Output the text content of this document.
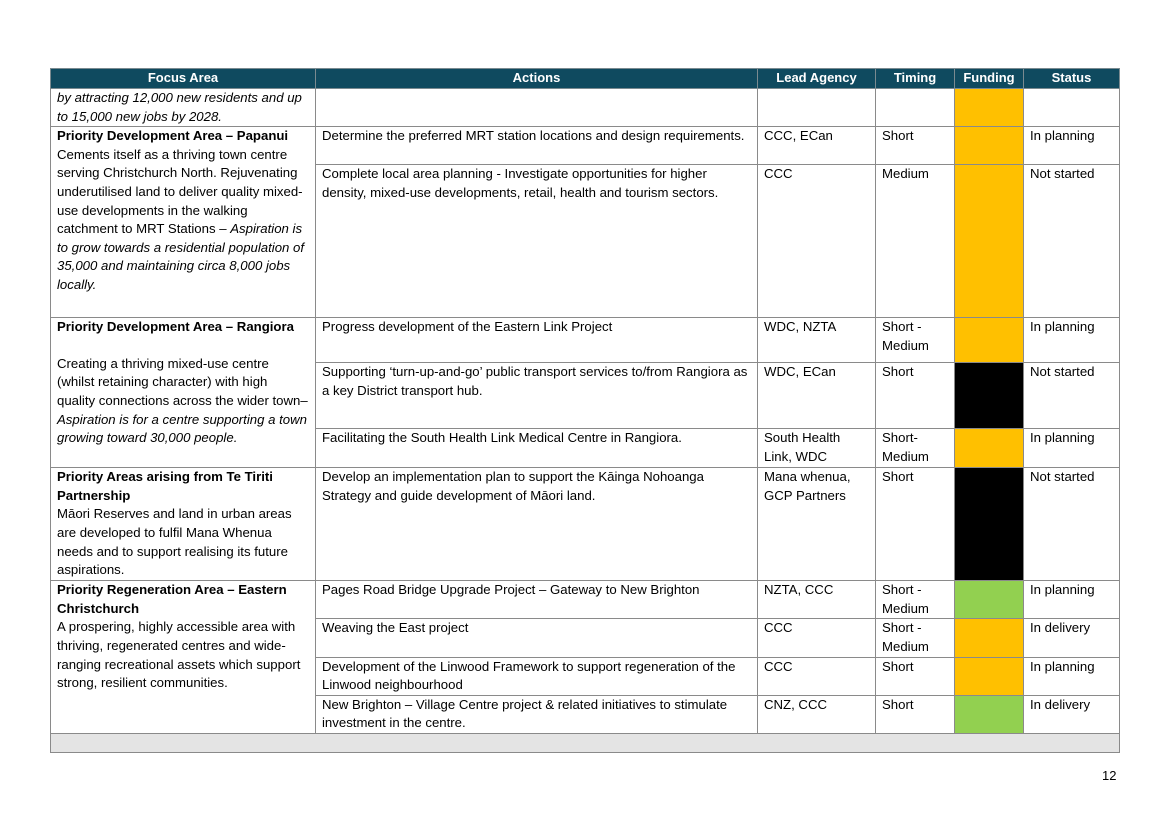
Focus Area	Actions	Lead Agency	Timing	Funding	Status
by attracting 12,000 new residents and up to 15,000 new jobs by 2028.					

Priority Development Area – Papanui
Cements itself as a thriving town centre serving Christchurch North. Rejuvenating underutilised land to deliver quality mixed-use developments in the walking catchment to MRT Stations – Aspiration is to grow towards a residential population of 35,000 and maintaining circa 8,000 jobs locally.	Determine the preferred MRT station locations and design requirements.	CCC, ECan	Short		In planning
	Complete local area planning - Investigate opportunities for higher density, mixed-use developments, retail, health and tourism sectors.	CCC	Medium		Not started

Priority Development Area – Rangiora
Creating a thriving mixed-use centre (whilst retaining character) with high quality connections across the wider town– Aspiration is for a centre supporting a town growing toward 30,000 people.	Progress development of the Eastern Link Project	WDC, NZTA	Short - Medium		In planning
	Supporting ‘turn-up-and-go’ public transport services to/from Rangiora as a key District transport hub.	WDC, ECan	Short		Not started
	Facilitating the South Health Link Medical Centre in Rangiora.	South Health Link, WDC	Short- Medium		In planning

Priority Areas arising from Te Tiriti Partnership
Māori Reserves and land in urban areas are developed to fulfil Mana Whenua needs and to support realising its future aspirations.	Develop an implementation plan to support the Kāinga Nohoanga Strategy and guide development of Māori land.	Mana whenua, GCP Partners	Short		Not started

Priority Regeneration Area – Eastern Christchurch
A prospering, highly accessible area with thriving, regenerated centres and wide-ranging recreational assets which support strong, resilient communities.	Pages Road Bridge Upgrade Project – Gateway to New Brighton	NZTA, CCC	Short - Medium		In planning
	Weaving the East project	CCC	Short - Medium		In delivery
	Development of the Linwood Framework to support regeneration of the Linwood neighbourhood	CCC	Short		In planning
	New Brighton – Village Centre project & related initiatives to stimulate investment in the centre.	CNZ, CCC	Short		In delivery

12
